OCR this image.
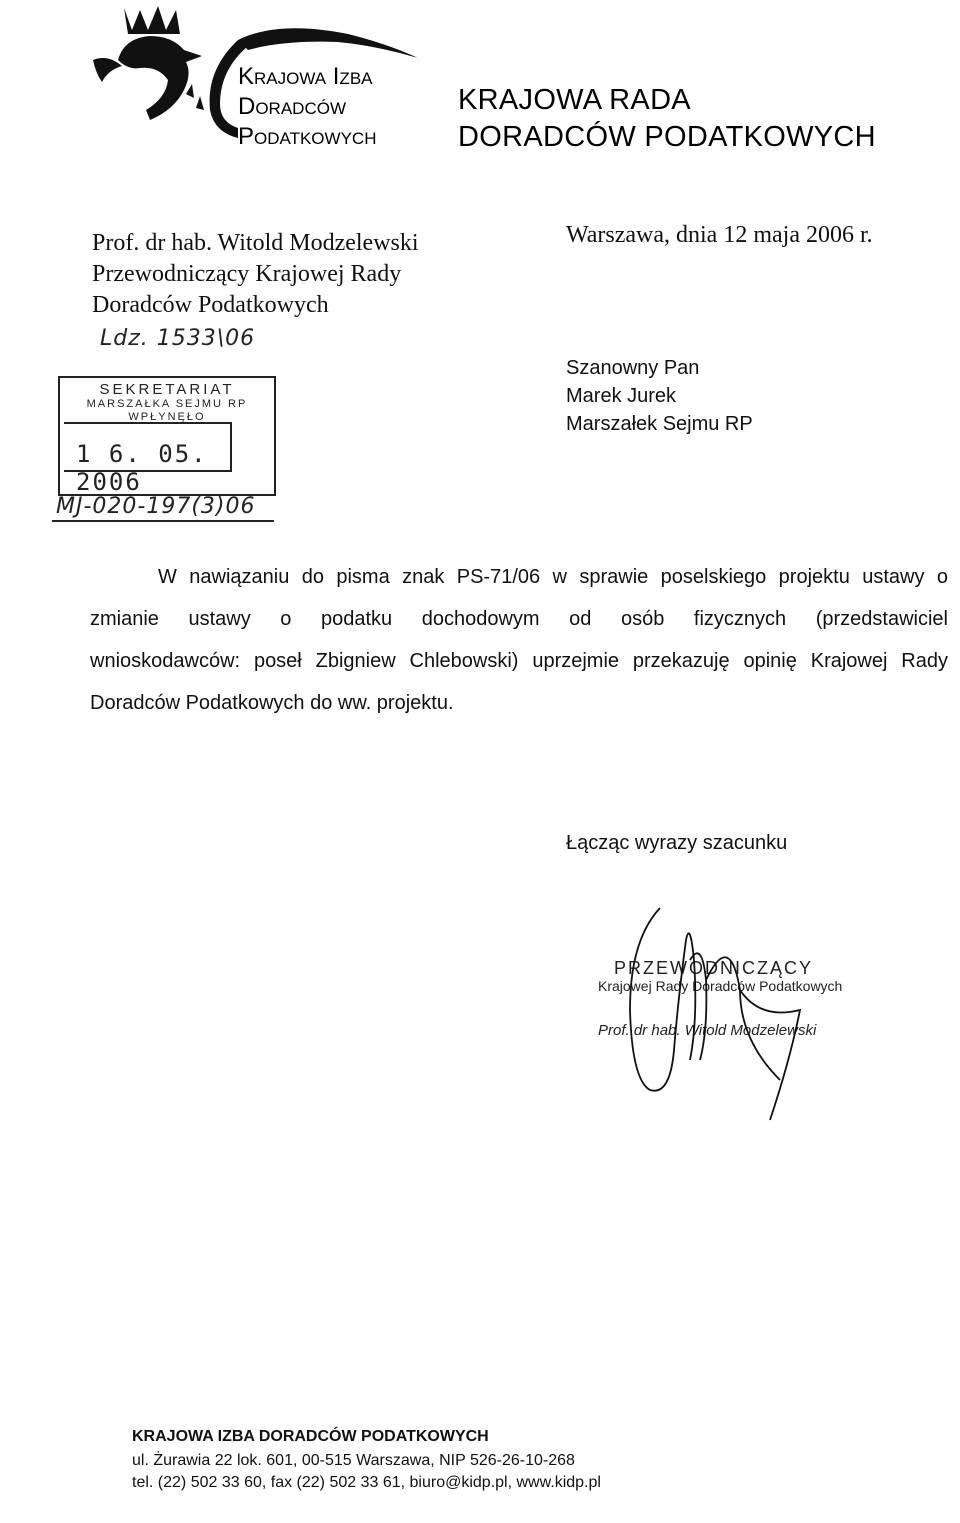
Krajowa Izba
Doradców
Podatkowych
KRAJOWA RADA
DORADCÓW PODATKOWYCH
Prof. dr hab. Witold Modzelewski
Przewodniczący Krajowej Rady
Doradców Podatkowych
Warszawa, dnia 12 maja 2006 r.
Ldz. 1533\06
SEKRETARIAT
MARSZAŁKA SEJMU RP
WPŁYNĘŁO
1 6. 05. 2006
MJ-020-197(3)06
Szanowny Pan
Marek Jurek
Marszałek Sejmu RP
W nawiązaniu do pisma znak PS-71/06 w sprawie poselskiego projektu ustawy o
zmianie ustawy o podatku dochodowym od osób fizycznych (przedstawiciel
wnioskodawców: poseł Zbigniew Chlebowski) uprzejmie przekazuję opinię Krajowej Rady
Doradców Podatkowych do ww. projektu.
Łącząc wyrazy szacunku
PRZEWODNICZĄCY
Krajowej Rady Doradców Podatkowych
Prof. dr hab. Witold Modzelewski
KRAJOWA IZBA DORADCÓW PODATKOWYCH
ul. Żurawia 22 lok. 601, 00-515 Warszawa, NIP 526-26-10-268
tel. (22) 502 33 60, fax (22) 502 33 61, biuro@kidp.pl, www.kidp.pl
